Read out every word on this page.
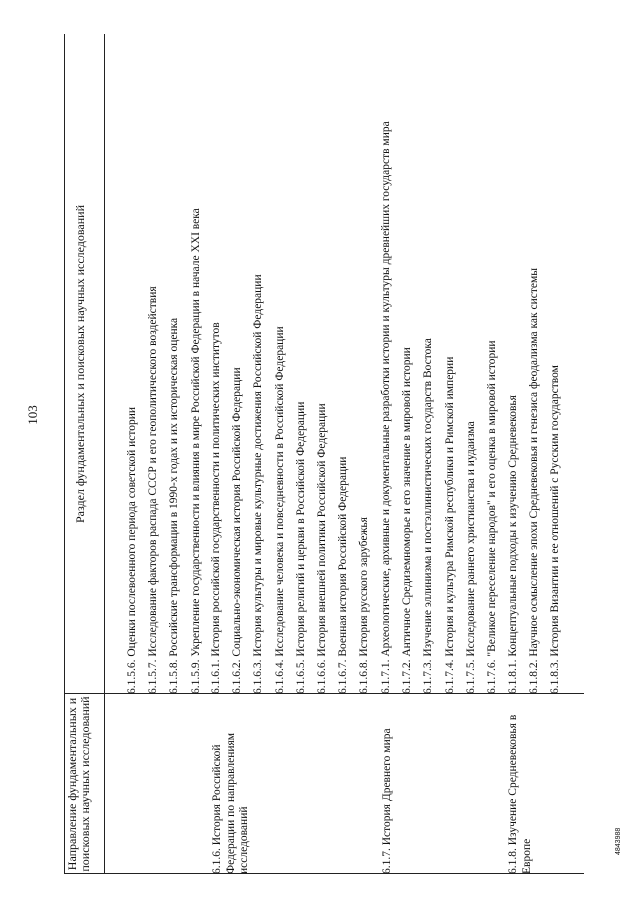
103
Направление фундаментальных и поисковых научных исследований
Раздел фундаментальных и поисковых научных исследований
6.1.5.6. Оценки послевоенного периода советской истории 6.1.5.7. Исследование факторов распада СССР и его геополитического воздействия 6.1.5.8. Российские трансформации в 1990-х годах и их историческая оценка 6.1.5.9. Укрепление государственности и влияния в мире Российской Федерации в начале XXI века
6.1.6. История Российской Федерации по направлениям исследований
6.1.6.1. История российской государственности и политических институтов 6.1.6.2. Социально-экономическая история Российской Федерации 6.1.6.3. История культуры и мировые культурные достижения Российской Федерации 6.1.6.4. Исследование человека и повседневности в Российской Федерации 6.1.6.5. История религий и церкви в Российской Федерации 6.1.6.6. История внешней политики Российской Федерации 6.1.6.7. Военная история Российской Федерации 6.1.6.8. История русского зарубежья
6.1.7. История Древнего мира
6.1.7.1. Археологические, архивные и документальные разработки истории и культуры древнейших государств мира 6.1.7.2. Античное Средиземноморье и его значение в мировой истории 6.1.7.3. Изучение эллинизма и постэллинистических государств Востока 6.1.7.4. История и культура Римской республики и Римской империи 6.1.7.5. Исследование раннего христианства и иудаизма 6.1.7.6. "Великое переселение народов" и его оценка в мировой истории
6.1.8. Изучение Средневековья в Европе
6.1.8.1. Концептуальные подходы к изучению Средневековья 6.1.8.2. Научное осмысление эпохи Средневековья и генезиса феодализма как системы 6.1.8.3. История Византии и ее отношений с Русским государством
4843988
